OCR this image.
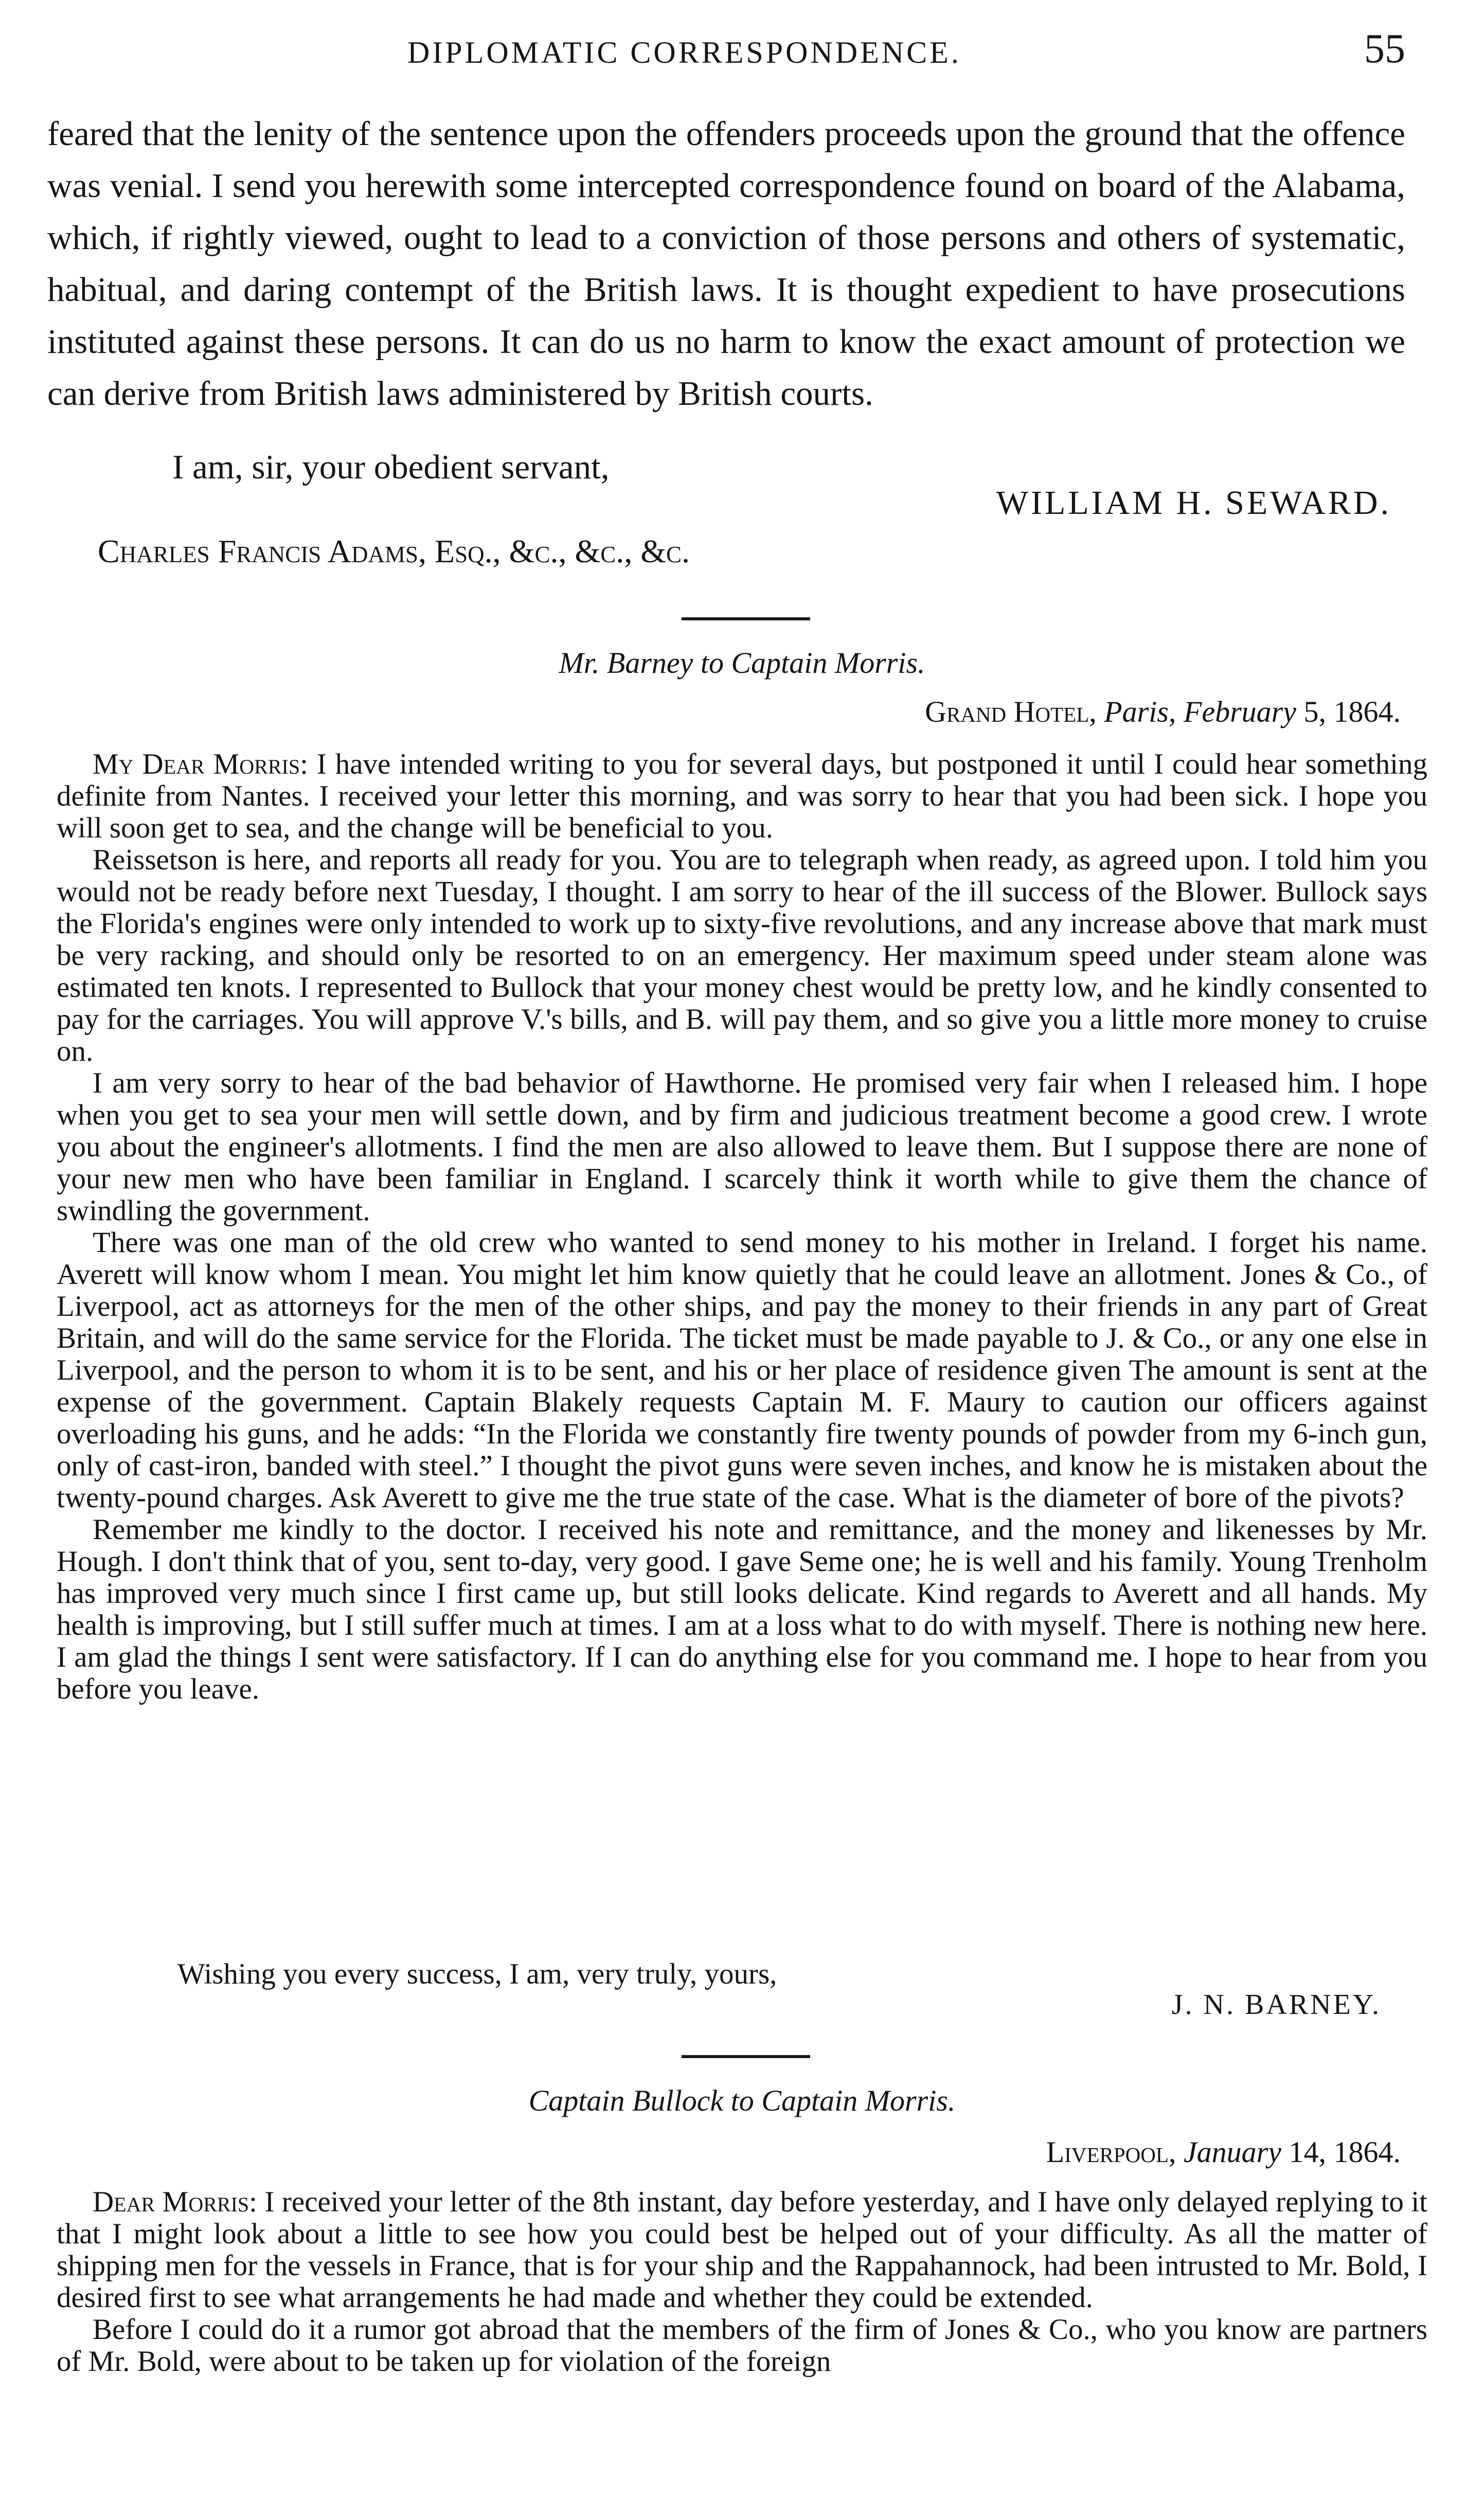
DIPLOMATIC CORRESPONDENCE.	55

feared that the lenity of the sentence upon the offenders proceeds upon the ground that the offence was venial. I send you herewith some intercepted correspondence found on board of the Alabama, which, if rightly viewed, ought to lead to a conviction of those persons and others of systematic, habitual, and daring contempt of the British laws. It is thought expedient to have prosecutions instituted against these persons. It can do us no harm to know the exact amount of protection we can derive from British laws administered by British courts.

I am, sir, your obedient servant,
WILLIAM H. SEWARD.
Charles Francis Adams, Esq., &c., &c., &c.
Mr. Barney to Captain Morris.
Grand Hotel, Paris, February 5, 1864.

My Dear Morris: I have intended writing to you for several days, but postponed it until I could hear something definite from Nantes. I received your letter this morning, and was sorry to hear that you had been sick. I hope you will soon get to sea, and the change will be beneficial to you.

Reissetson is here, and reports all ready for you. You are to telegraph when ready, as agreed upon. I told him you would not be ready before next Tuesday, I thought. I am sorry to hear of the ill success of the Blower. Bullock says the Florida's engines were only intended to work up to sixty-five revolutions, and any increase above that mark must be very racking, and should only be resorted to on an emergency. Her maximum speed under steam alone was estimated ten knots. I represented to Bullock that your money chest would be pretty low, and he kindly consented to pay for the carriages. You will approve V.'s bills, and B. will pay them, and so give you a little more money to cruise on.

I am very sorry to hear of the bad behavior of Hawthorne. He promised very fair when I released him. I hope when you get to sea your men will settle down, and by firm and judicious treatment become a good crew. I wrote you about the engineer's allotments. I find the men are also allowed to leave them. But I suppose there are none of your new men who have been familiar in England. I scarcely think it worth while to give them the chance of swindling the government.

There was one man of the old crew who wanted to send money to his mother in Ireland. I forget his name. Averett will know whom I mean. You might let him know quietly that he could leave an allotment. Jones & Co., of Liverpool, act as attorneys for the men of the other ships, and pay the money to their friends in any part of Great Britain, and will do the same service for the Florida. The ticket must be made payable to J. & Co., or any one else in Liverpool, and the person to whom it is to be sent, and his or her place of residence given The amount is sent at the expense of the government. Captain Blakely requests Captain M. F. Maury to caution our officers against overloading his guns, and he adds: “In the Florida we constantly fire twenty pounds of powder from my 6-inch gun, only of cast-iron, banded with steel.” I thought the pivot guns were seven inches, and know he is mistaken about the twenty-pound charges. Ask Averett to give me the true state of the case. What is the diameter of bore of the pivots?

Remember me kindly to the doctor. I received his note and remittance, and the money and likenesses by Mr. Hough. I don't think that of you, sent to-day, very good. I gave Seme one; he is well and his family. Young Trenholm has improved very much since I first came up, but still looks delicate. Kind regards to Averett and all hands. My health is improving, but I still suffer much at times. I am at a loss what to do with myself. There is nothing new here. I am glad the things I sent were satisfactory. If I can do anything else for you command me. I hope to hear from you before you leave.

Wishing you every success, I am, very truly, yours,
J. N. BARNEY.
Captain Bullock to Captain Morris.
Liverpool, January 14, 1864.

Dear Morris: I received your letter of the 8th instant, day before yesterday, and I have only delayed replying to it that I might look about a little to see how you could best be helped out of your difficulty. As all the matter of shipping men for the vessels in France, that is for your ship and the Rappahannock, had been intrusted to Mr. Bold, I desired first to see what arrangements he had made and whether they could be extended.

Before I could do it a rumor got abroad that the members of the firm of Jones & Co., who you know are partners of Mr. Bold, were about to be taken up for violation of the foreign
